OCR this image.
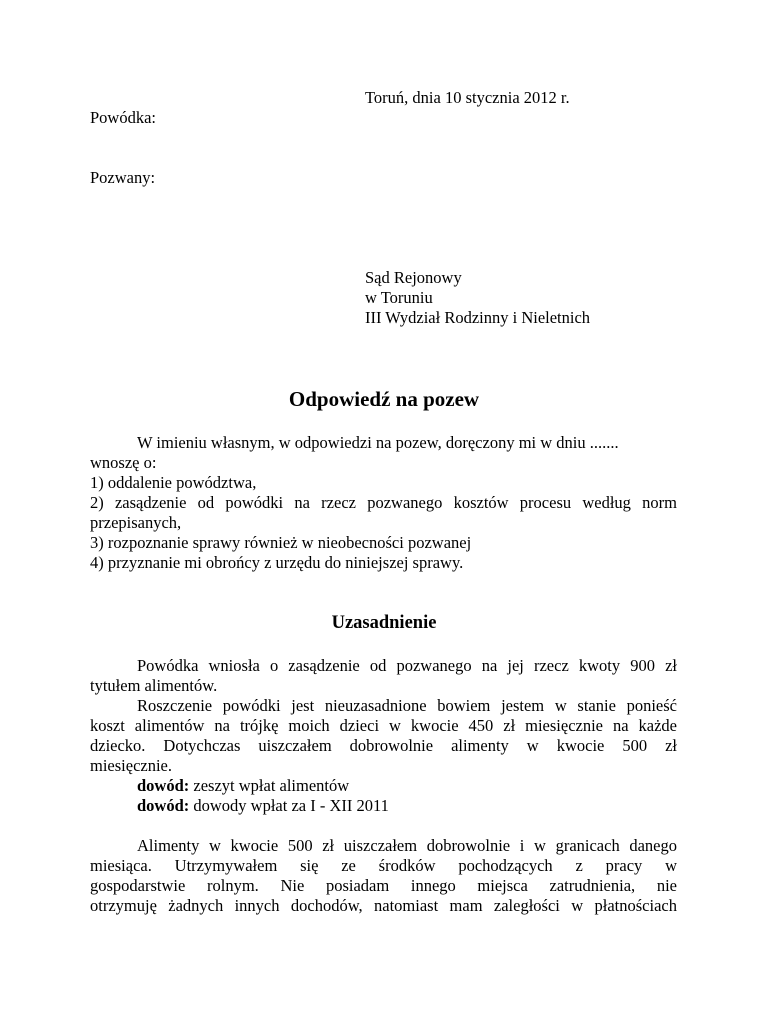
Toruń, dnia 10 stycznia 2012 r.
Powódka:
Pozwany:
Sąd Rejonowy
w Toruniu
III Wydział Rodzinny i Nieletnich
Odpowiedź na pozew
W imieniu własnym, w odpowiedzi na pozew, doręczony mi w dniu .......
wnoszę o:
1) oddalenie powództwa,
2) zasądzenie od powódki na rzecz pozwanego kosztów procesu według norm
przepisanych,
3) rozpoznanie sprawy również w nieobecności pozwanej
4) przyznanie mi obrońcy z urzędu do niniejszej sprawy.
Uzasadnienie
Powódka wniosła o zasądzenie od pozwanego na jej rzecz kwoty 900 zł
tytułem alimentów.
Roszczenie powódki jest nieuzasadnione bowiem jestem w stanie ponieść
koszt alimentów na trójkę moich dzieci w kwocie 450 zł miesięcznie na każde
dziecko. Dotychczas uiszczałem dobrowolnie alimenty w kwocie 500 zł
miesięcznie.
dowód: zeszyt wpłat alimentów
dowód: dowody wpłat za I - XII 2011
Alimenty w kwocie 500 zł uiszczałem dobrowolnie i w granicach danego
miesiąca. Utrzymywałem się ze środków pochodzących z pracy w
gospodarstwie rolnym. Nie posiadam innego miejsca zatrudnienia, nie
otrzymuję żadnych innych dochodów, natomiast mam zaległości w płatnościach
